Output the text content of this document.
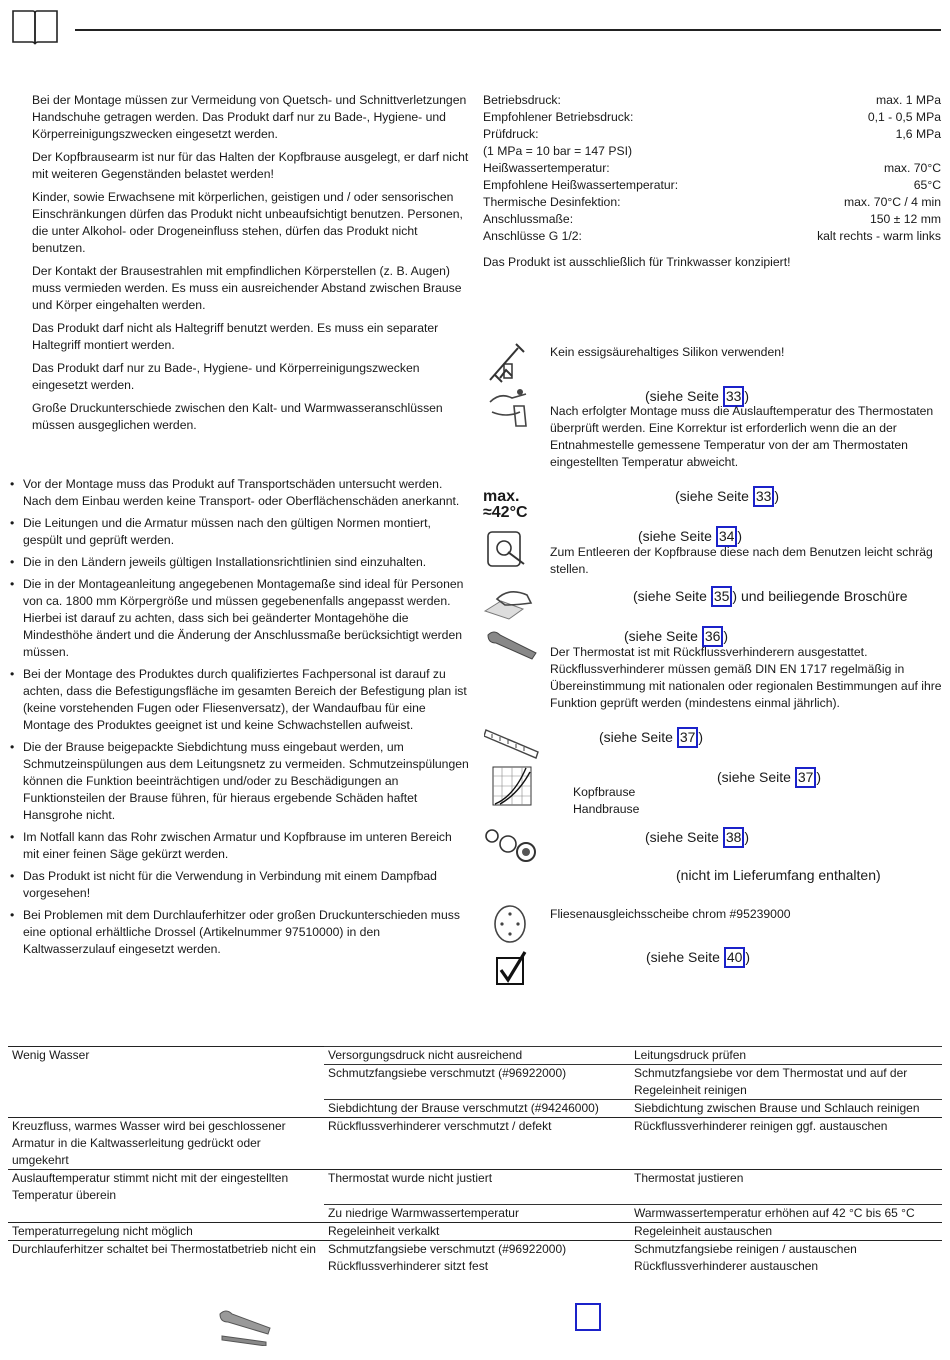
Bei der Montage müssen zur Vermeidung von Quetsch- und Schnittverletzungen Handschuhe getragen werden. Das Produkt darf nur zu Bade-, Hygiene- und Körperreinigungszwecken eingesetzt werden.

Der Kopfbrausearm ist nur für das Halten der Kopfbrause ausgelegt, er darf nicht mit weiteren Gegenständen belastet werden!

Kinder, sowie Erwachsene mit körperlichen, geistigen und / oder sensorischen Einschränkungen dürfen das Produkt nicht unbeaufsichtigt benutzen. Personen, die unter Alkohol- oder Drogeneinfluss stehen, dürfen das Produkt nicht benutzen.

Der Kontakt der Brausestrahlen mit empfindlichen Körperstellen (z. B. Augen) muss vermieden werden. Es muss ein ausreichender Abstand zwischen Brause und Körper eingehalten werden.

Das Produkt darf nicht als Haltegriff benutzt werden. Es muss ein separater Haltegriff montiert werden.

Das Produkt darf nur zu Bade-, Hygiene- und Körperreinigungszwecken eingesetzt werden.

Große Druckunterschiede zwischen den Kalt- und Warmwasseranschlüssen müssen ausgeglichen werden.

• Vor der Montage muss das Produkt auf Transportschäden untersucht werden. Nach dem Einbau werden keine Transport- oder Oberflächenschäden anerkannt.
• Die Leitungen und die Armatur müssen nach den gültigen Normen montiert, gespült und geprüft werden.
• Die in den Ländern jeweils gültigen Installationsrichtlinien sind einzuhalten.
• Die in der Montageanleitung angegebenen Montagemaße sind ideal für Personen von ca. 1800 mm Körpergröße und müssen gegebenenfalls angepasst werden. Hierbei ist darauf zu achten, dass sich bei geänderter Montagehöhe die Mindesthöhe ändert und die Änderung der Anschlussmaße berücksichtigt werden müssen.
• Bei der Montage des Produktes durch qualifiziertes Fachpersonal ist darauf zu achten, dass die Befestigungsfläche im gesamten Bereich der Befestigung plan ist (keine vorstehenden Fugen oder Fliesenversatz), der Wandaufbau für eine Montage des Produktes geeignet ist und keine Schwachstellen aufweist.
• Die der Brause beigepackte Siebdichtung muss eingebaut werden, um Schmutzeinspülungen aus dem Leitungsnetz zu vermeiden. Schmutzeinspülungen können die Funktion beeinträchtigen und/oder zu Beschädigungen an Funktionsteilen der Brause führen, für hieraus ergebende Schäden haftet Hansgrohe nicht.
• Im Notfall kann das Rohr zwischen Armatur und Kopfbrause im unteren Bereich mit einer feinen Säge gekürzt werden.
• Das Produkt ist nicht für die Verwendung in Verbindung mit einem Dampfbad vorgesehen!
• Bei Problemen mit dem Durchlauferhitzer oder großen Druckunterschieden muss eine optional erhältliche Drossel (Artikelnummer 97510000) in den Kaltwasserzulauf eingesetzt werden.
Betriebsdruck:	max. 1 MPa
Empfohlener Betriebsdruck:	0,1 - 0,5 MPa
Prüfdruck:	1,6 MPa
(1 MPa = 10 bar = 147 PSI)
Heißwassertemperatur:	max. 70°C
Empfohlene Heißwassertemperatur:	65°C
Thermische Desinfektion:	max. 70°C / 4 min
Anschlussmaße:	150 ± 12 mm
Anschlüsse G 1/2:	kalt rechts - warm links
Das Produkt ist ausschließlich für Trinkwasser konzipiert!
Kein essigsäurehaltiges Silikon verwenden!
(siehe Seite 33 )
Nach erfolgter Montage muss die Auslauftemperatur des Thermostaten überprüft werden. Eine Korrektur ist erforderlich wenn die an der Entnahmestelle gemessene Temperatur von der am Thermostaten eingestellten Temperatur abweicht.
max.
≈42°C
(siehe Seite 33 )
(siehe Seite 34 )
Zum Entleeren der Kopfbrause diese nach dem Benutzen leicht schräg stellen.
(siehe Seite 35 ) und beiliegende Broschüre
(siehe Seite 36 )
Der Thermostat ist mit Rückflussverhinderern ausgestattet. Rückflussverhinderer müssen gemäß DIN EN 1717 regelmäßig in Übereinstimmung mit nationalen oder regionalen Bestimmungen auf ihre Funktion geprüft werden (mindestens einmal jährlich).
(siehe Seite 37 )
(siehe Seite 37 )
Kopfbrause
Handbrause
(siehe Seite 38 )
(nicht im Lieferumfang enthalten)
Fliesenausgleichsscheibe chrom #95239000
(siehe Seite 40 )
Wenig Wasser	Versorgungsdruck nicht ausreichend	Leitungsdruck prüfen
	Schmutzfangsiebe verschmutzt (#96922000)	Schmutzfangsiebe vor dem Thermostat und auf der Regeleinheit reinigen
	Siebdichtung der Brause verschmutzt (#94246000)	Siebdichtung zwischen Brause und Schlauch reinigen
Kreuzfluss, warmes Wasser wird bei geschlossener Armatur in die Kaltwasserleitung gedrückt oder umgekehrt	Rückflussverhinderer verschmutzt / defekt	Rückflussverhinderer reinigen ggf. austauschen
Auslauftemperatur stimmt nicht mit der eingestellten Temperatur überein	Thermostat wurde nicht justiert	Thermostat justieren
	Zu niedrige Warmwassertemperatur	Warmwassertemperatur erhöhen auf 42 °C bis 65 °C
Temperaturregelung nicht möglich	Regeleinheit verkalkt	Regeleinheit austauschen
Durchlauferhitzer schaltet bei Thermostatbetrieb nicht ein	Schmutzfangsiebe verschmutzt (#96922000)	Schmutzfangsiebe reinigen / austauschen
	Rückflussverhinderer sitzt fest	Rückflussverhinderer austauschen
